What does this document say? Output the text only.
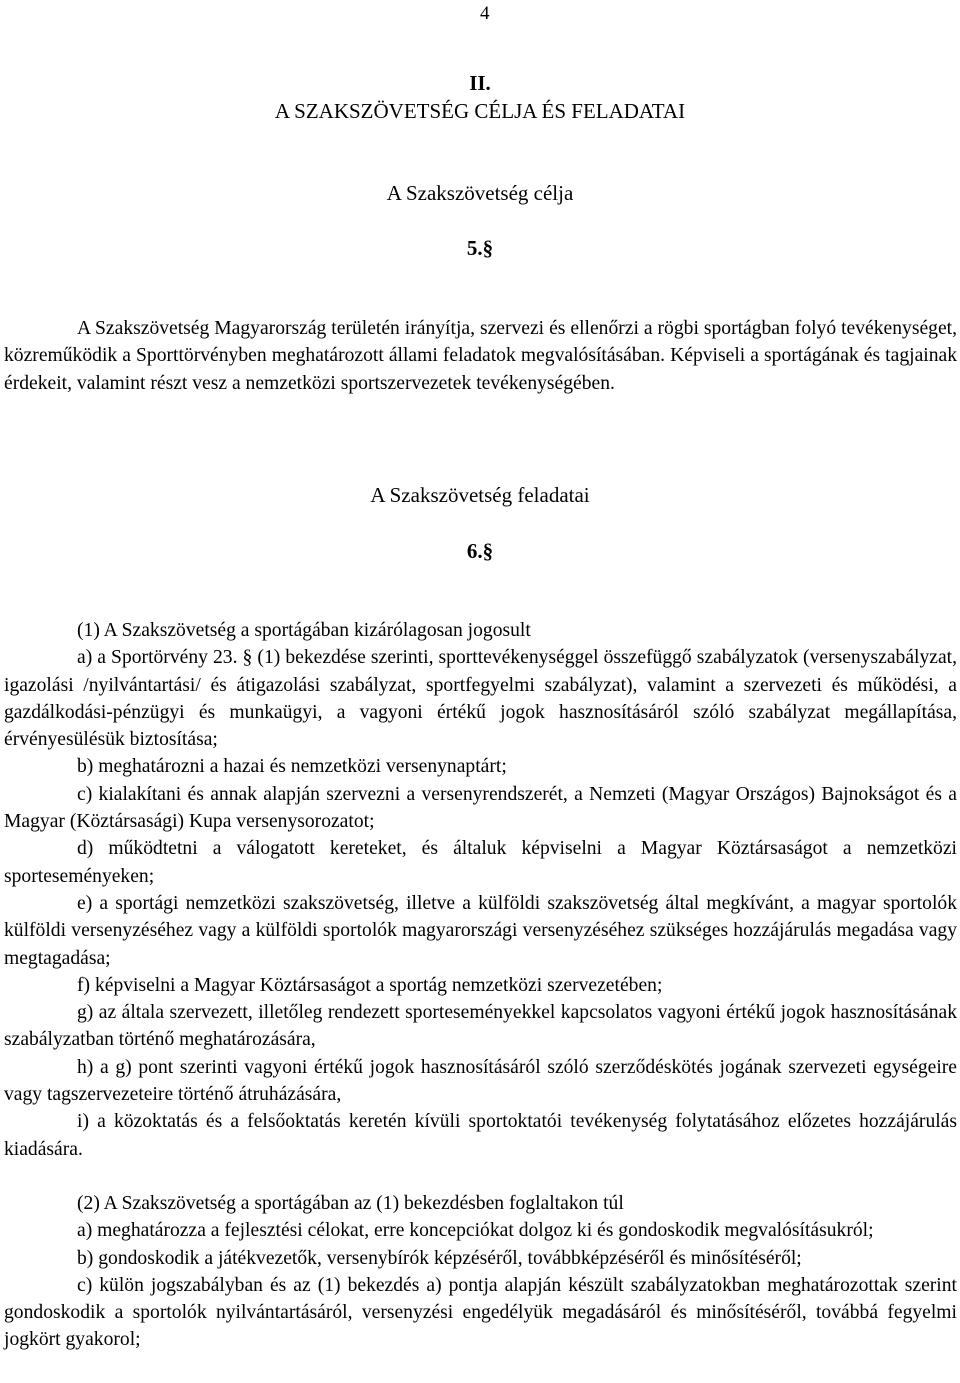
4
II.
A SZAKSZÖVETSÉG CÉLJA ÉS FELADATAI
A Szakszövetség célja
5.§

A Szakszövetség Magyarország területén irányítja, szervezi és ellenőrzi a rögbi sportágban folyó tevékenységet, közreműködik a Sporttörvényben meghatározott állami feladatok megvalósításában. Képviseli a sportágának és tagjainak érdekeit, valamint részt vesz a nemzetközi sportszervezetek tevékenységében.

A Szakszövetség feladatai
6.§

(1) A Szakszövetség a sportágában kizárólagosan jogosult

a) a Sportörvény 23. § (1) bekezdése szerinti, sporttevékenységgel összefüggő szabályzatok (versenyszabályzat, igazolási /nyilvántartási/ és átigazolási szabályzat, sportfegyelmi szabályzat), valamint a szervezeti és működési, a gazdálkodási-pénzügyi és munkaügyi, a vagyoni értékű jogok hasznosításáról szóló szabályzat megállapítása, érvényesülésük biztosítása;

b) meghatározni a hazai és nemzetközi versenynaptárt;

c) kialakítani és annak alapján szervezni a versenyrendszerét, a Nemzeti (Magyar Országos) Bajnokságot és a Magyar (Köztársasági) Kupa versenysorozatot;

d) működtetni a válogatott kereteket, és általuk képviselni a Magyar Köztársaságot a nemzetközi sporteseményeken;

e) a sportági nemzetközi szakszövetség, illetve a külföldi szakszövetség által megkívánt, a magyar sportolók külföldi versenyzéséhez vagy a külföldi sportolók magyarországi versenyzéséhez szükséges hozzájárulás megadása vagy megtagadása;

f) képviselni a Magyar Köztársaságot a sportág nemzetközi szervezetében;

g) az általa szervezett, illetőleg rendezett sporteseményekkel kapcsolatos vagyoni értékű jogok hasznosításának szabályzatban történő meghatározására,

h) a g) pont szerinti vagyoni értékű jogok hasznosításáról szóló szerződéskötés jogának szervezeti egységeire vagy tagszervezeteire történő átruházására,

i) a közoktatás és a felsőoktatás keretén kívüli sportoktatói tevékenység folytatásához előzetes hozzájárulás kiadására.

(2) A Szakszövetség a sportágában az (1) bekezdésben foglaltakon túl

a) meghatározza a fejlesztési célokat, erre koncepciókat dolgoz ki és gondoskodik megvalósításukról;

b) gondoskodik a játékvezetők, versenybírók képzéséről, továbbképzéséről és minősítéséről;

c) külön jogszabályban és az (1) bekezdés a) pontja alapján készült szabályzatokban meghatározottak szerint gondoskodik a sportolók nyilvántartásáról, versenyzési engedélyük megadásáról és minősítéséről, továbbá fegyelmi jogkört gyakorol;
